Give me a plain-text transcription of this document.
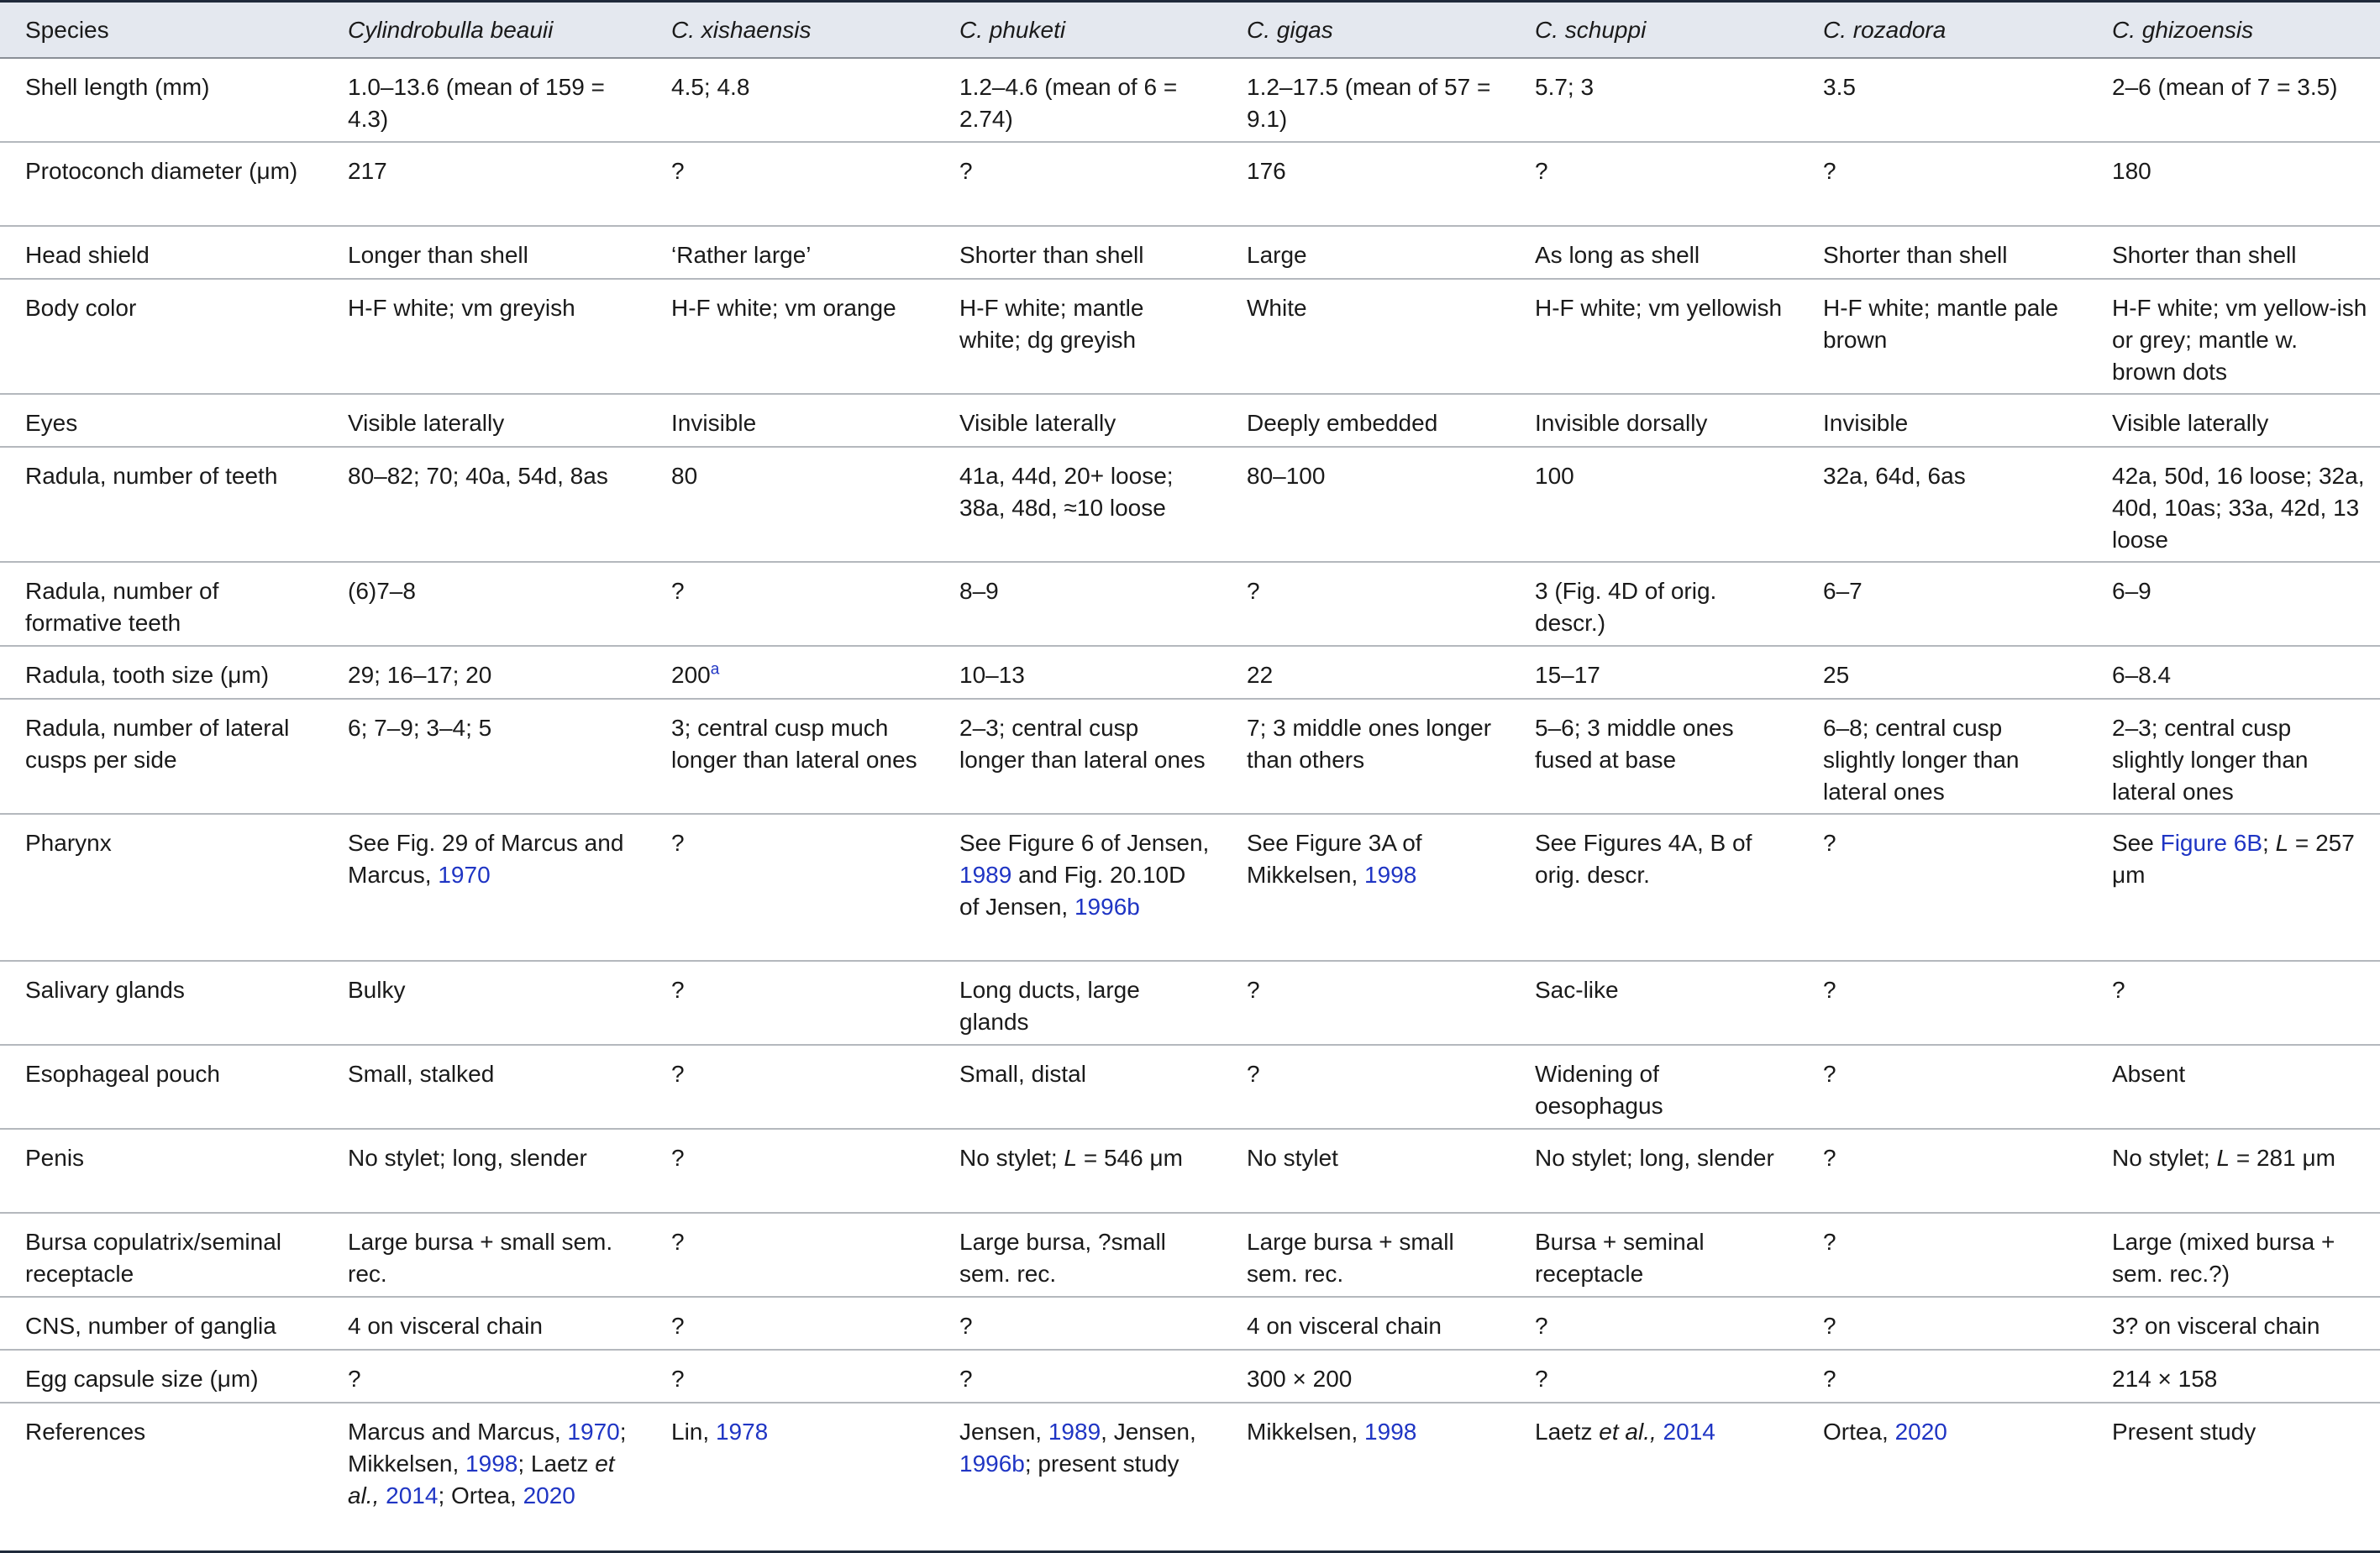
Species	Cylindrobulla beauii	C. xishaensis	C. phuketi	C. gigas	C. schuppi	C. rozadora	C. ghizoensis

Shell length (mm)	1.0–13.6 (mean of 159 = 4.3)	4.5; 4.8	1.2–4.6 (mean of 6 = 2.74)	1.2–17.5 (mean of 57 = 9.1)	5.7; 3	3.5	2–6 (mean of 7 = 3.5)

Protoconch diameter (μm)	217	?	?	176	?	?	180

Head shield	Longer than shell	‘Rather large’	Shorter than shell	Large	As long as shell	Shorter than shell	Shorter than shell

Body color	H-F white; vm greyish	H-F white; vm orange	H-F white; mantle white; dg greyish	White	H-F white; vm yellowish	H-F white; mantle pale brown	H-F white; vm yellow-ish or grey; mantle w. brown dots

Eyes	Visible laterally	Invisible	Visible laterally	Deeply embedded	Invisible dorsally	Invisible	Visible laterally

Radula, number of teeth	80–82; 70; 40a, 54d, 8as	80	41a, 44d, 20+ loose; 38a, 48d, ≈10 loose	80–100	100	32a, 64d, 6as	42a, 50d, 16 loose; 32a, 40d, 10as; 33a, 42d, 13 loose

Radula, number of formative teeth	(6)7–8	?	8–9	?	3 (Fig. 4D of orig. descr.)	6–7	6–9

Radula, tooth size (μm)	29; 16–17; 20	200$^a$	10–13	22	15–17	25	6–8.4

Radula, number of lateral cusps per side	6; 7–9; 3–4; 5	3; central cusp much longer than lateral ones	2–3; central cusp longer than lateral ones	7; 3 middle ones longer than others	5–6; 3 middle ones fused at base	6–8; central cusp slightly longer than lateral ones	2–3; central cusp slightly longer than lateral ones

Pharynx	See Fig. 29 of Marcus and Marcus, 1970	?	See Figure 6 of Jensen, 1989 and Fig. 20.10D of Jensen, 1996b	See Figure 3A of Mikkelsen, 1998	See Figures 4A, B of orig. descr.	?	See Figure 6B; L = 257 μm

Salivary glands	Bulky	?	Long ducts, large glands	?	Sac-like	?	?

Esophageal pouch	Small, stalked	?	Small, distal	?	Widening of oesophagus	?	Absent

Penis	No stylet; long, slender	?	No stylet; L = 546 μm	No stylet	No stylet; long, slender	?	No stylet; L = 281 μm

Bursa copulatrix/seminal receptacle	Large bursa + small sem. rec.	?	Large bursa, ?small sem. rec.	Large bursa + small sem. rec.	Bursa + seminal receptacle	?	Large (mixed bursa + sem. rec.?)

CNS, number of ganglia	4 on visceral chain	?	?	4 on visceral chain	?	?	3? on visceral chain

Egg capsule size (μm)	?	?	?	300 × 200	?	?	214 × 158

References	Marcus and Marcus, 1970; Mikkelsen, 1998; Laetz et al., 2014; Ortea, 2020	Lin, 1978	Jensen, 1989, Jensen, 1996b; present study	Mikkelsen, 1998	Laetz et al., 2014	Ortea, 2020	Present study
